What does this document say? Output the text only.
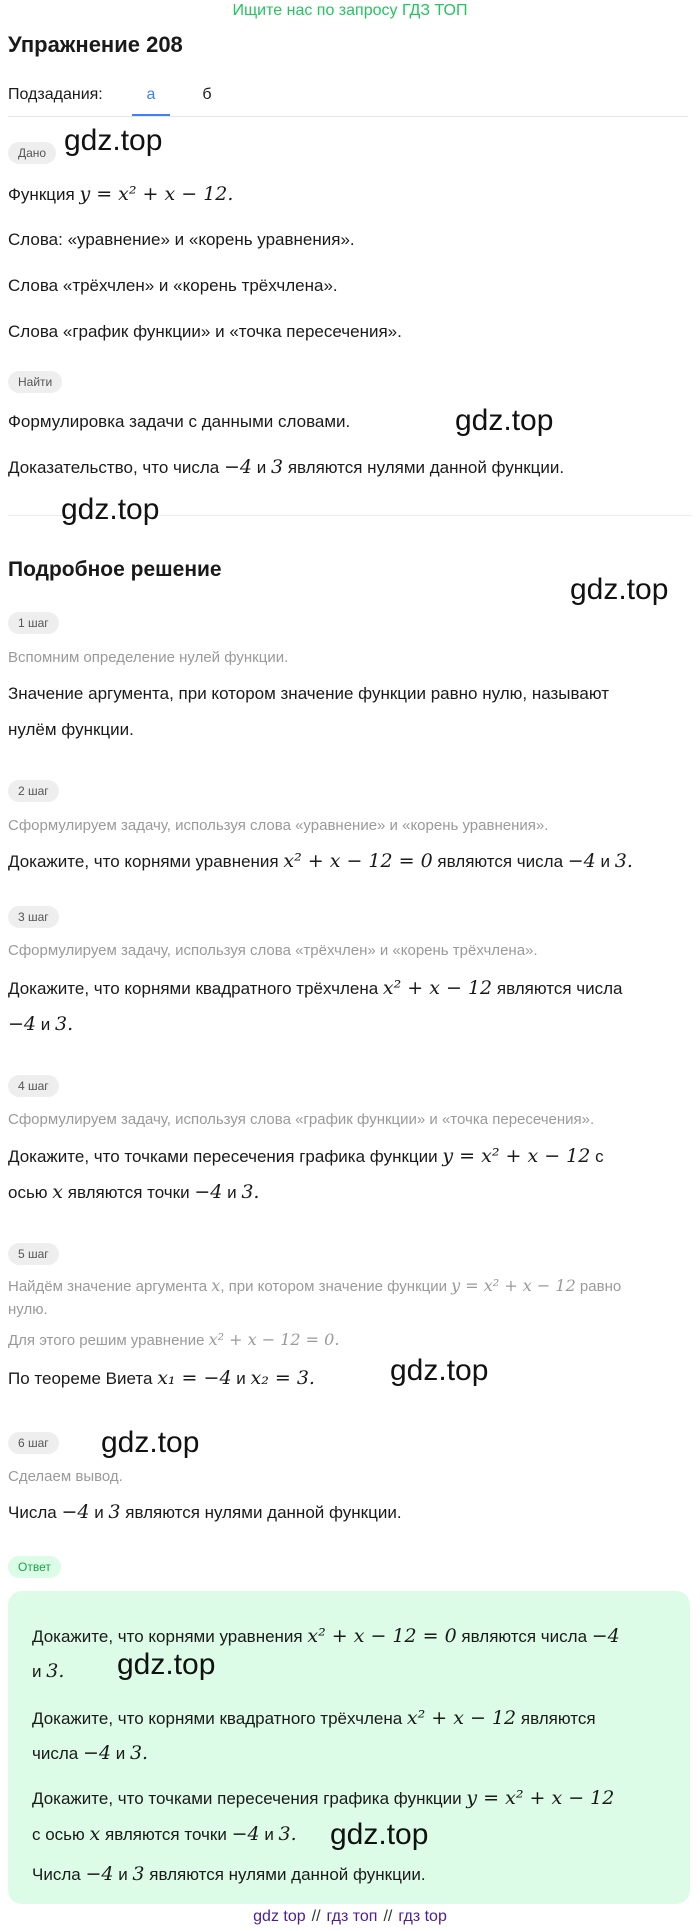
Ищите нас по запросу ГДЗ ТОП
Упражнение 208
Подзадания:	а	б
Дано
Функция y = x² + x − 12.
Слова: «уравнение» и «корень уравнения».
Слова «трёхчлен» и «корень трёхчлена».
Слова «график функции» и «точка пересечения».
Найти
Формулировка задачи с данными словами.
Доказательство, что числа −4 и 3 являются нулями данной функции.
Подробное решение
1 шаг
Вспомним определение нулей функции.
Значение аргумента, при котором значение функции равно нулю, называют
нулём функции.
2 шаг
Сформулируем задачу, используя слова «уравнение» и «корень уравнения».
Докажите, что корнями уравнения x² + x − 12 = 0 являются числа −4 и 3.
3 шаг
Сформулируем задачу, используя слова «трёхчлен» и «корень трёхчлена».
Докажите, что корнями квадратного трёхчлена x² + x − 12 являются числа
−4 и 3.
4 шаг
Сформулируем задачу, используя слова «график функции» и «точка пересечения».
Докажите, что точками пересечения графика функции y = x² + x − 12 с
осью x являются точки −4 и 3.
5 шаг
Найдём значение аргумента x, при котором значение функции y = x² + x − 12 равно
нулю.
Для этого решим уравнение x² + x − 12 = 0.
По теореме Виета x₁ = −4 и x₂ = 3.
6 шаг
Сделаем вывод.
Числа −4 и 3 являются нулями данной функции.
Ответ
Докажите, что корнями уравнения x² + x − 12 = 0 являются числа −4
и 3.
Докажите, что корнями квадратного трёхчлена x² + x − 12 являются
числа −4 и 3.
Докажите, что точками пересечения графика функции y = x² + x − 12
с осью x являются точки −4 и 3.
Числа −4 и 3 являются нулями данной функции.
gdz.top
gdz.top
gdz.top
gdz.top
gdz.top
gdz.top
gdz.top
gdz.top
gdz top // гдз топ // гдз top
